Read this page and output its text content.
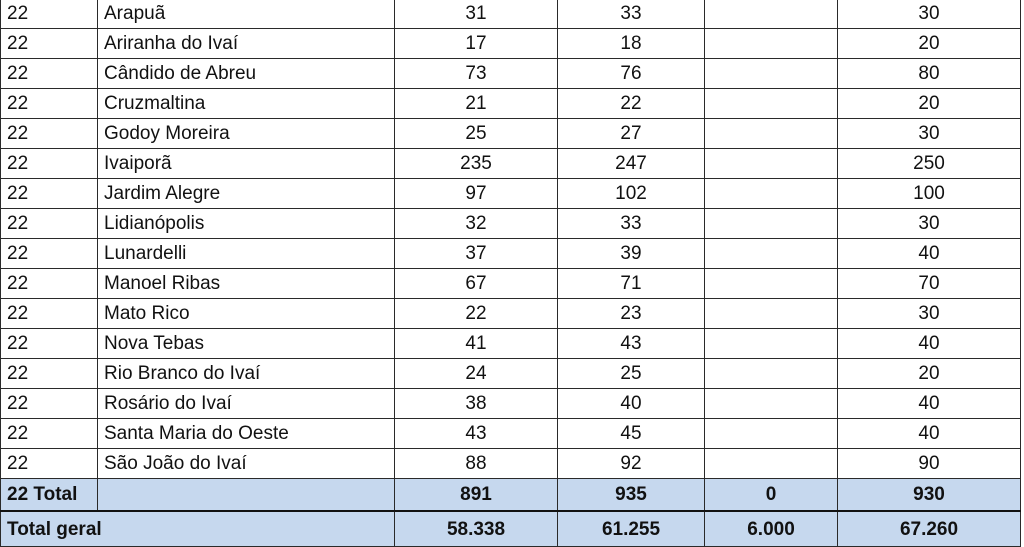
22	Arapuã	31	33		30
22	Ariranha do Ivaí	17	18		20
22	Cândido de Abreu	73	76		80
22	Cruzmaltina	21	22		20
22	Godoy Moreira	25	27		30
22	Ivaiporã	235	247		250
22	Jardim Alegre	97	102		100
22	Lidianópolis	32	33		30
22	Lunardelli	37	39		40
22	Manoel Ribas	67	71		70
22	Mato Rico	22	23		30
22	Nova Tebas	41	43		40
22	Rio Branco do Ivaí	24	25		20
22	Rosário do Ivaí	38	40		40
22	Santa Maria do Oeste	43	45		40
22	São João do Ivaí	88	92		90
22 Total		891	935	0	930
Total geral		58.338	61.255	6.000	67.260
